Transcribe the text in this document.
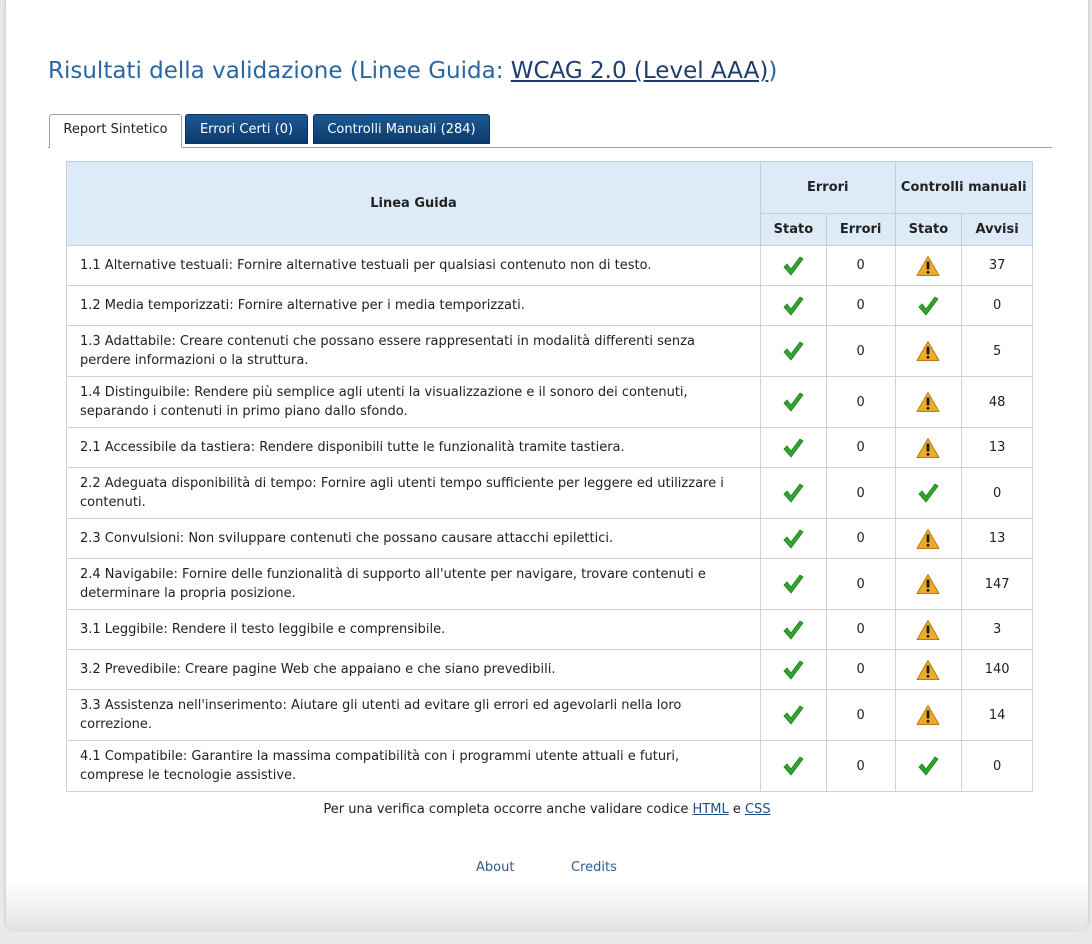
Risultati della validazione (Linee Guida: WCAG 2.0 (Level AAA))
Report Sintetico	Errori Certi (0)	Controlli Manuali (284)
Linea Guida	Errori		Controlli manuali	
	Stato	Errori	Stato	Avvisi
1.1 Alternative testuali: Fornire alternative testuali per qualsiasi contenuto non di testo.		0		37
1.2 Media temporizzati: Fornire alternative per i media temporizzati.		0		0
1.3 Adattabile: Creare contenuti che possano essere rappresentati in modalità differenti senza perdere informazioni o la struttura.		0		5
1.4 Distinguibile: Rendere più semplice agli utenti la visualizzazione e il sonoro dei contenuti, separando i contenuti in primo piano dallo sfondo.		0		48
2.1 Accessibile da tastiera: Rendere disponibili tutte le funzionalità tramite tastiera.		0		13
2.2 Adeguata disponibilità di tempo: Fornire agli utenti tempo sufficiente per leggere ed utilizzare i contenuti.		0		0
2.3 Convulsioni: Non sviluppare contenuti che possano causare attacchi epilettici.		0		13
2.4 Navigabile: Fornire delle funzionalità di supporto all'utente per navigare, trovare contenuti e determinare la propria posizione.		0		147
3.1 Leggibile: Rendere il testo leggibile e comprensibile.		0		3
3.2 Prevedibile: Creare pagine Web che appaiano e che siano prevedibili.		0		140
3.3 Assistenza nell'inserimento: Aiutare gli utenti ad evitare gli errori ed agevolarli nella loro correzione.		0		14
4.1 Compatibile: Garantire la massima compatibilità con i programmi utente attuali e futuri, comprese le tecnologie assistive.		0		0
Per una verifica completa occorre anche validare codice HTML e CSS
About	Credits
